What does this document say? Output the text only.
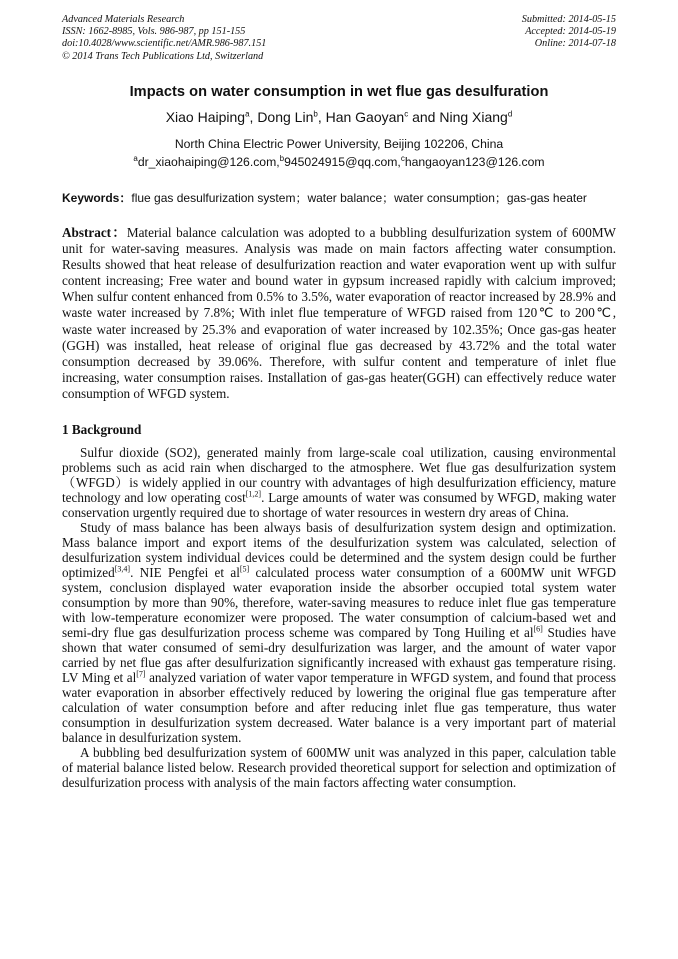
Advanced Materials Research
ISSN: 1662-8985, Vols. 986-987, pp 151-155
doi:10.4028/www.scientific.net/AMR.986-987.151
© 2014 Trans Tech Publications Ltd, Switzerland
Submitted: 2014-05-15
Accepted: 2014-05-19
Online: 2014-07-18
Impacts on water consumption in wet flue gas desulfuration
Xiao Haiping$^a$, Dong Lin$^b$, Han Gaoyan$^c$ and Ning Xiang$^d$
North China Electric Power University, Beijing 102206, China
$^a$dr_xiaohaiping@126.com,$^b$945024915@qq.com,$^c$hangaoyan123@126.com
Keywords：flue gas desulfurization system；water balance；water consumption；gas-gas heater
Abstract：Material balance calculation was adopted to a bubbling desulfurization system of 600MW unit for water-saving measures. Analysis was made on main factors affecting water consumption. Results showed that heat release of desulfurization reaction and water evaporation went up with sulfur content increasing; Free water and bound water in gypsum increased rapidly with calcium improved; When sulfur content enhanced from 0.5% to 3.5%, water evaporation of reactor increased by 28.9% and waste water increased by 7.8%; With inlet flue temperature of WFGD raised from 120℃ to 200℃, waste water increased by 25.3% and evaporation of water increased by 102.35%; Once gas-gas heater (GGH) was installed, heat release of original flue gas decreased by 43.72% and the total water consumption decreased by 39.06%. Therefore, with sulfur content and temperature of inlet flue increasing, water consumption raises. Installation of gas-gas heater(GGH) can effectively reduce water consumption of WFGD system.
1 Background

Sulfur dioxide (SO2), generated mainly from large-scale coal utilization, causing environmental problems such as acid rain when discharged to the atmosphere. Wet flue gas desulfurization system（WFGD）is widely applied in our country with advantages of high desulfurization efficiency, mature technology and low operating cost[1,2]. Large amounts of water was consumed by WFGD, making water conservation urgently required due to shortage of water resources in western dry areas of China.

Study of mass balance has been always basis of desulfurization system design and optimization. Mass balance import and export items of the desulfurization system was calculated, selection of desulfurization system individual devices could be determined and the system design could be further optimized[3,4]. NIE Pengfei et al[5] calculated process water consumption of a 600MW unit WFGD system, conclusion displayed water evaporation inside the absorber occupied total system water consumption by more than 90%, therefore, water-saving measures to reduce inlet flue gas temperature with low-temperature economizer were proposed. The water consumption of calcium-based wet and semi-dry flue gas desulfurization process scheme was compared by Tong Huiling et al[6] Studies have shown that water consumed of semi-dry desulfurization was larger, and the amount of water vapor carried by net flue gas after desulfurization significantly increased with exhaust gas temperature rising. LV Ming et al[7] analyzed variation of water vapor temperature in WFGD system, and found that process water evaporation in absorber effectively reduced by lowering the original flue gas temperature after calculation of water consumption before and after reducing inlet flue gas temperature, thus water consumption in desulfurization system decreased. Water balance is a very important part of material balance in desulfurization system.

A bubbling bed desulfurization system of 600MW unit was analyzed in this paper, calculation table of material balance listed below. Research provided theoretical support for selection and optimization of desulfurization process with analysis of the main factors affecting water consumption.
